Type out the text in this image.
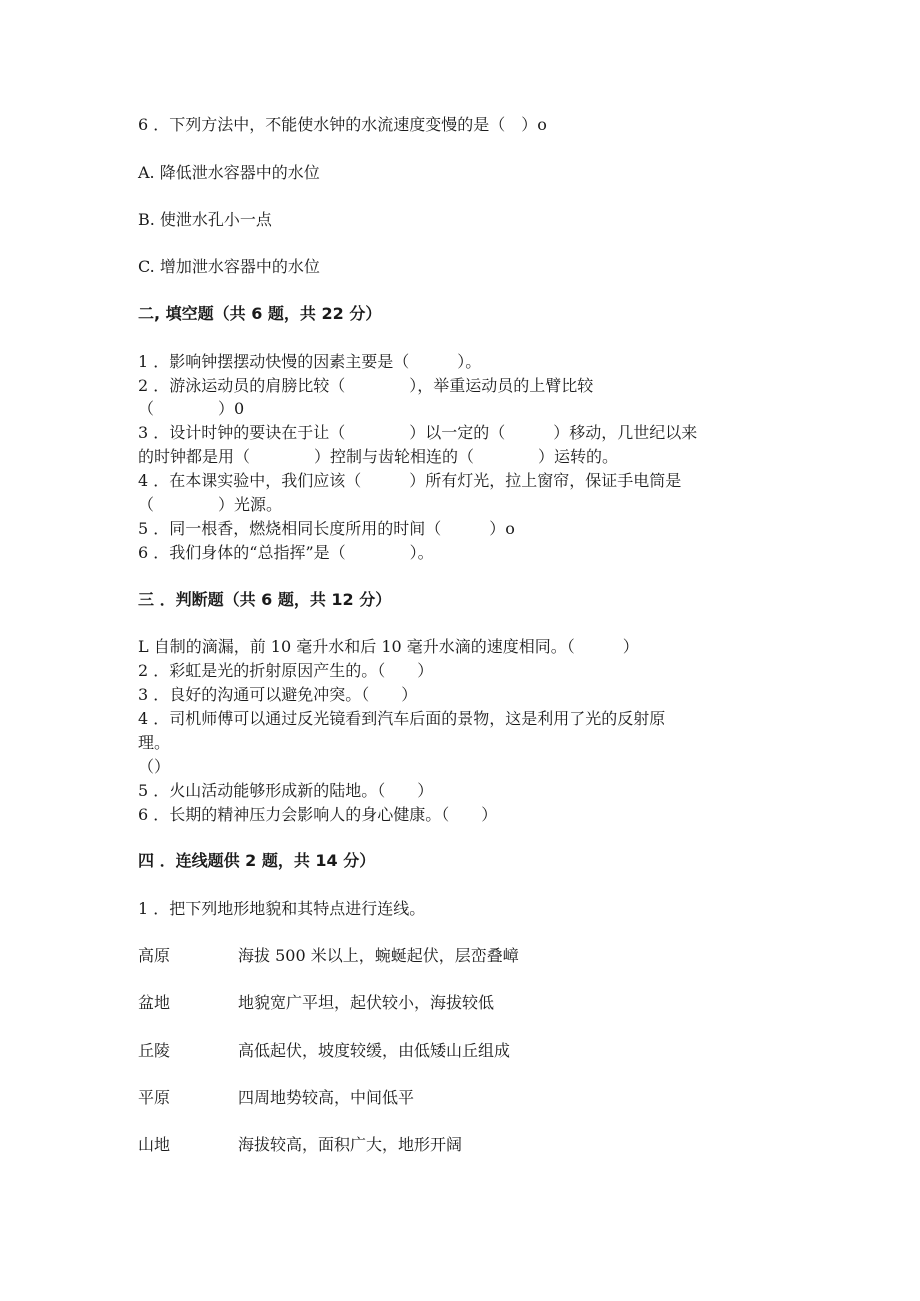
6 ．下列方法中，不能使水钟的水流速度变慢的是（　）o

A. 降低泄水容器中的水位

B. 使泄水孔小一点

C. 增加泄水容器中的水位

二, 填空题（共 6 题，共 22 分）

1 ．影响钟摆摆动快慢的因素主要是（　　　）。

2 ．游泳运动员的肩膀比较（　　　　），举重运动员的上臂比较

（　　　　）0

3 ．设计时钟的要诀在于让（　　　　）以一定的（　　　）移动，几世纪以来

的时钟都是用（　　　　）控制与齿轮相连的（　　　　）运转的。

4 ．在本课实验中，我们应该（　　　）所有灯光，拉上窗帘，保证手电筒是

（　　　　）光源。

5 ．同一根香，燃烧相同长度所用的时间（　　　）o

6 ．我们身体的“总指挥”是（　　　　）。

三 ．判断题（共 6 题，共 12 分）

L 自制的滴漏，前 10 毫升水和后 10 毫升水滴的速度相同。（　　　）

2 ．彩虹是光的折射原因产生的。（　　）

3 ．良好的沟通可以避免冲突。（　　）

4 ．司机师傅可以通过反光镜看到汽车后面的景物，这是利用了光的反射原

理。

（）

5 ．火山活动能够形成新的陆地。（　　）

6 ．长期的精神压力会影响人的身心健康。（　　）

四 ．连线题供 2 题，共 14 分）

1 ．把下列地形地貌和其特点进行连线。

高原	海拔 500 米以上，蜿蜒起伏，层峦叠嶂
盆地	地貌宽广平坦，起伏较小，海拔较低
丘陵	高低起伏，坡度较缓，由低矮山丘组成
平原	四周地势较高，中间低平
山地	海拔较高，面积广大，地形开阔
